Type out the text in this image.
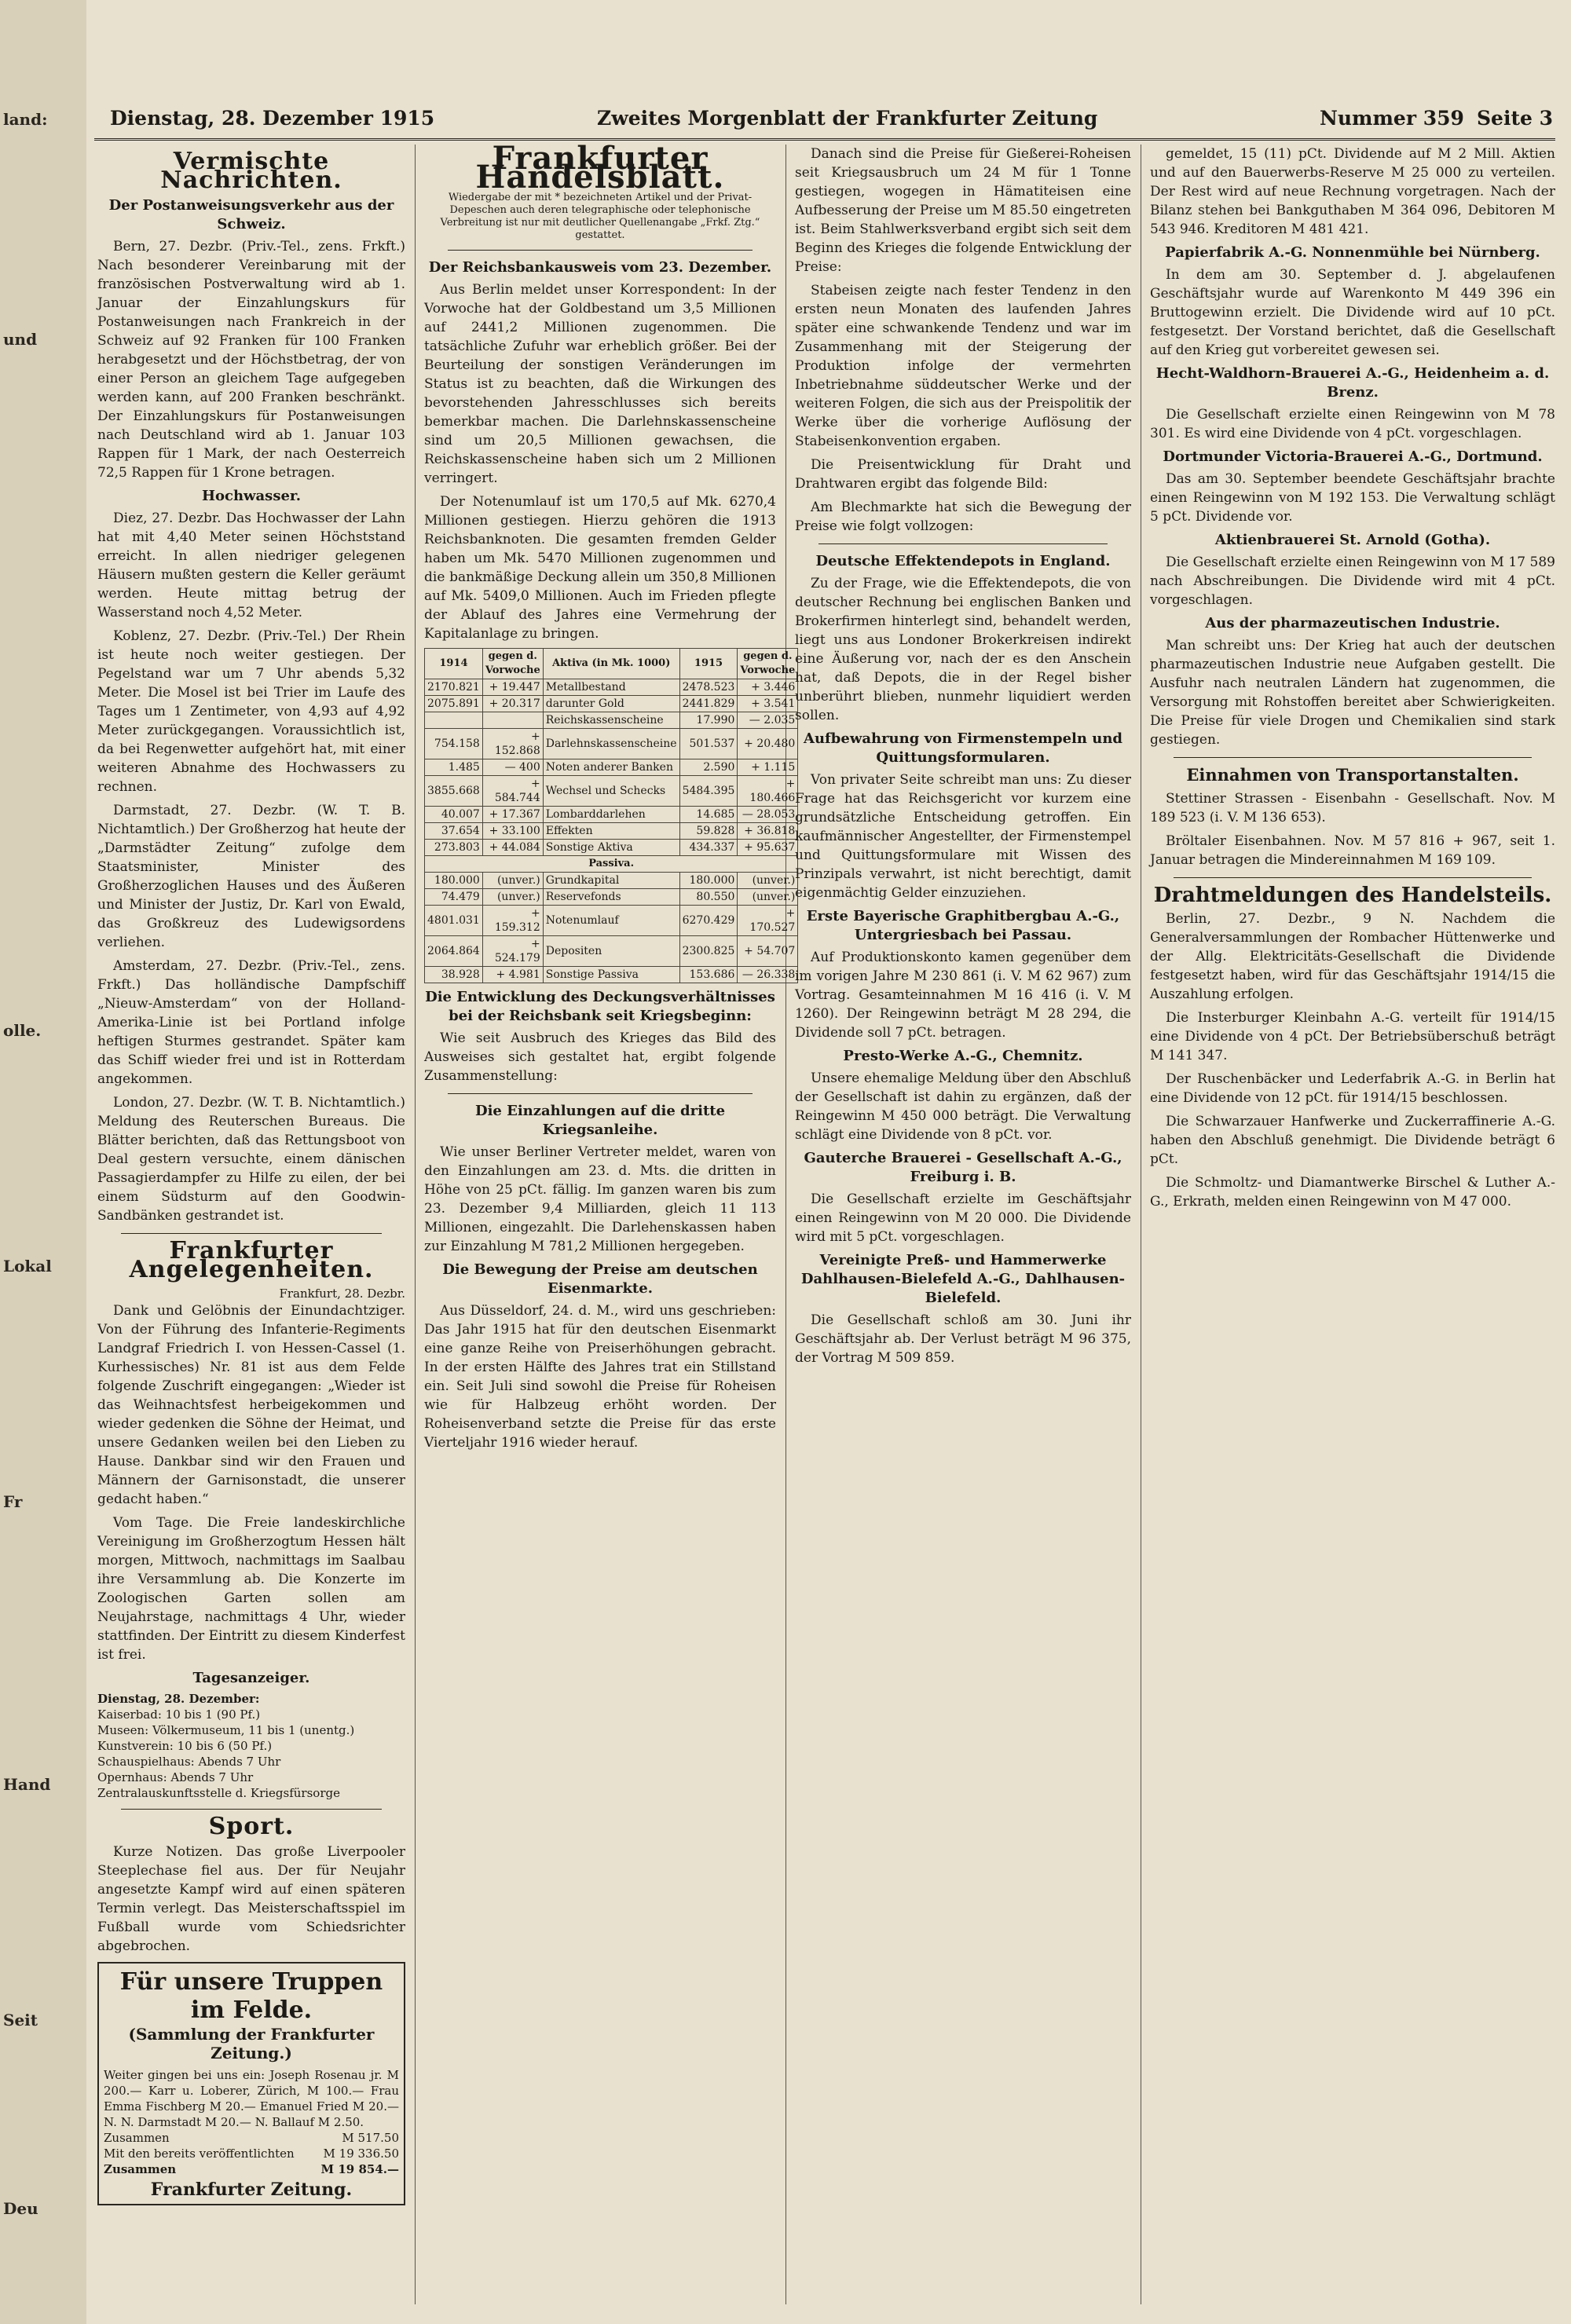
land:
und
olle.
Lokal
Fr
Hand
Seit
Deu
Dienstag, 28. Dezember 1915	Zweites Morgenblatt der Frankfurter Zeitung	Nummer 359 Seite 3
Vermischte Nachrichten.
Der Postanweisungsverkehr aus der Schweiz.

Bern, 27. Dezbr. (Priv.-Tel., zens. Frkft.) Nach besonderer Vereinbarung mit der französischen Postverwaltung wird ab 1. Januar der Einzahlungskurs für Postanweisungen nach Frankreich in der Schweiz auf 92 Franken für 100 Franken herabgesetzt und der Höchstbetrag, der von einer Person an gleichem Tage aufgegeben werden kann, auf 200 Franken beschränkt. Der Einzahlungskurs für Postanweisungen nach Deutschland wird ab 1. Januar 103 Rappen für 1 Mark, der nach Oesterreich 72,5 Rappen für 1 Krone betragen.

Hochwasser.

Diez, 27. Dezbr. Das Hochwasser der Lahn hat mit 4,40 Meter seinen Höchststand erreicht. In allen niedriger gelegenen Häusern mußten gestern die Keller geräumt werden. Heute mittag betrug der Wasserstand noch 4,52 Meter.

Koblenz, 27. Dezbr. (Priv.-Tel.) Der Rhein ist heute noch weiter gestiegen. Der Pegelstand war um 7 Uhr abends 5,32 Meter. Die Mosel ist bei Trier im Laufe des Tages um 1 Zentimeter, von 4,93 auf 4,92 Meter zurückgegangen. Voraussichtlich ist, da bei Regenwetter aufgehört hat, mit einer weiteren Abnahme des Hochwassers zu rechnen.

Darmstadt, 27. Dezbr. (W. T. B. Nichtamtlich.) Der Großherzog hat heute der „Darmstädter Zeitung“ zufolge dem Staatsminister, Minister des Großherzoglichen Hauses und des Äußeren und Minister der Justiz, Dr. Karl von Ewald, das Großkreuz des Ludewigsordens verliehen.

Amsterdam, 27. Dezbr. (Priv.-Tel., zens. Frkft.) Das holländische Dampfschiff „Nieuw-Amsterdam“ von der Holland-Amerika-Linie ist bei Portland infolge heftigen Sturmes gestrandet. Später kam das Schiff wieder frei und ist in Rotterdam angekommen.

London, 27. Dezbr. (W. T. B. Nichtamtlich.) Meldung des Reuterschen Bureaus. Die Blätter berichten, daß das Rettungsboot von Deal gestern versuchte, einem dänischen Passagierdampfer zu Hilfe zu eilen, der bei einem Südsturm auf den Goodwin-Sandbänken gestrandet ist.

Frankfurter Angelegenheiten.
Frankfurt, 28. Dezbr.

Dank und Gelöbnis der Einundachtziger. Von der Führung des Infanterie-Regiments Landgraf Friedrich I. von Hessen-Cassel (1. Kurhessisches) Nr. 81 ist aus dem Felde folgende Zuschrift eingegangen: „Wieder ist das Weihnachtsfest herbeigekommen und wieder gedenken die Söhne der Heimat, und unsere Gedanken weilen bei den Lieben zu Hause. Dankbar sind wir den Frauen und Männern der Garnisonstadt, die unserer gedacht haben.“

Vom Tage. Die Freie landeskirchliche Vereinigung im Großherzogtum Hessen hält morgen, Mittwoch, nachmittags im Saalbau ihre Versammlung ab. Die Konzerte im Zoologischen Garten sollen am Neujahrstage, nachmittags 4 Uhr, wieder stattfinden. Der Eintritt zu diesem Kinderfest ist frei.

Tagesanzeiger.
Dienstag, 28. Dezember:
Kaiserbad: 10 bis 1 (90 Pf.)
Museen: Völkermuseum, 11 bis 1 (unentg.)
Kunstverein: 10 bis 6 (50 Pf.)
Schauspielhaus: Abends 7 Uhr
Opernhaus: Abends 7 Uhr
Zentralauskunftsstelle d. Kriegsfürsorge
Sport.

Kurze Notizen. Das große Liverpooler Steeplechase fiel aus. Der für Neujahr angesetzte Kampf wird auf einen späteren Termin verlegt. Das Meisterschaftsspiel im Fußball wurde vom Schiedsrichter abgebrochen.

Für unsere Truppen im Felde.
(Sammlung der Frankfurter Zeitung.)
Weiter gingen bei uns ein: Joseph Rosenau jr. M 200.— Karr u. Loberer, Zürich, M 100.— Frau Emma Fischberg M 20.— Emanuel Fried M 20.— N. N. Darmstadt M 20.— N. Ballauf M 2.50.
Zusammen	M 517.50
Mit den bereits veröffentlichten M 19 336.50
Zusammen	M 19 854.—
Frankfurter Zeitung.
Frankfurter Handelsblatt.
Wiedergabe der mit * bezeichneten Artikel und der Privat-Depeschen auch deren telegraphische oder telephonische Verbreitung ist nur mit deutlicher Quellenangabe „Frkf. Ztg.“ gestattet.
Der Reichsbankausweis vom 23. Dezember.

Aus Berlin meldet unser Korrespondent: In der Vorwoche hat der Goldbestand um 3,5 Millionen auf 2441,2 Millionen zugenommen. Die tatsächliche Zufuhr war erheblich größer. Bei der Beurteilung der sonstigen Veränderungen im Status ist zu beachten, daß die Wirkungen des bevorstehenden Jahresschlusses sich bereits bemerkbar machen. Die Darlehnskassenscheine sind um 20,5 Millionen gewachsen, die Reichskassenscheine haben sich um 2 Millionen verringert.

Der Notenumlauf ist um 170,5 auf Mk. 6270,4 Millionen gestiegen. Hierzu gehören die 1913 Reichsbanknoten. Die gesamten fremden Gelder haben um Mk. 5470 Millionen zugenommen und die bankmäßige Deckung allein um 350,8 Millionen auf Mk. 5409,0 Millionen. Auch im Frieden pflegte der Ablauf des Jahres eine Vermehrung der Kapitalanlage zu bringen.

1914	gegen d. Vorwoche	Aktiva (in Mk. 1000)	1915	gegen d. Vorwoche
2170.821	+ 19.447	Metallbestand	2478.523	+ 3.446
2075.891	+ 20.317	darunter Gold	2441.829	+ 3.541
		Reichskassenscheine	17.990	— 2.035
754.158	+ 152.868	Darlehnskassenscheine	501.537	+ 20.480
1.485	— 400	Noten anderer Banken	2.590	+ 1.115
3855.668	+ 584.744	Wechsel und Schecks	5484.395	+ 180.466
40.007	+ 17.367	Lombarddarlehen	14.685	— 28.053
37.654	+ 33.100	Effekten	59.828	+ 36.818
273.803	+ 44.084	Sonstige Aktiva	434.337	+ 95.637
Passiva.				
180.000	(unver.)	Grundkapital	180.000	(unver.)
74.479	(unver.)	Reservefonds	80.550	(unver.)
4801.031	+ 159.312	Notenumlauf	6270.429	+ 170.527
2064.864	+ 524.179	Depositen	2300.825	+ 54.707
38.928	+ 4.981	Sonstige Passiva	153.686	— 26.338
Die Entwicklung des Deckungsverhältnisses bei der Reichsbank seit Kriegsbeginn:

Wie seit Ausbruch des Krieges das Bild des Ausweises sich gestaltet hat, ergibt folgende Zusammenstellung:

Die Einzahlungen auf die dritte Kriegsanleihe.

Wie unser Berliner Vertreter meldet, waren von den Einzahlungen am 23. d. Mts. die dritten in Höhe von 25 pCt. fällig. Im ganzen waren bis zum 23. Dezember 9,4 Milliarden, gleich 11 113 Millionen, eingezahlt. Die Darlehenskassen haben zur Einzahlung M 781,2 Millionen hergegeben.

Die Bewegung der Preise am deutschen Eisenmarkte.

Aus Düsseldorf, 24. d. M., wird uns geschrieben: Das Jahr 1915 hat für den deutschen Eisenmarkt eine ganze Reihe von Preiserhöhungen gebracht. In der ersten Hälfte des Jahres trat ein Stillstand ein. Seit Juli sind sowohl die Preise für Roheisen wie für Halbzeug erhöht worden. Der Roheisenverband setzte die Preise für das erste Vierteljahr 1916 wieder herauf.

Danach sind die Preise für Gießerei-Roheisen seit Kriegsausbruch um 24 M für 1 Tonne gestiegen, wogegen in Hämatiteisen eine Aufbesserung der Preise um M 85.50 eingetreten ist. Beim Stahlwerksverband ergibt sich seit dem Beginn des Krieges die folgende Entwicklung der Preise:

Stabeisen zeigte nach fester Tendenz in den ersten neun Monaten des laufenden Jahres später eine schwankende Tendenz und war im Zusammenhang mit der Steigerung der Produktion infolge der vermehrten Inbetriebnahme süddeutscher Werke und der weiteren Folgen, die sich aus der Preispolitik der Werke über die vorherige Auflösung der Stabeisenkonvention ergaben.

Die Preisentwicklung für Draht und Drahtwaren ergibt das folgende Bild:

Am Blechmarkte hat sich die Bewegung der Preise wie folgt vollzogen:

Deutsche Effektendepots in England.

Zu der Frage, wie die Effektendepots, die von deutscher Rechnung bei englischen Banken und Brokerfirmen hinterlegt sind, behandelt werden, liegt uns aus Londoner Brokerkreisen indirekt eine Äußerung vor, nach der es den Anschein hat, daß Depots, die in der Regel bisher unberührt blieben, nunmehr liquidiert werden sollen.

Aufbewahrung von Firmenstempeln und Quittungsformularen.

Von privater Seite schreibt man uns: Zu dieser Frage hat das Reichsgericht vor kurzem eine grundsätzliche Entscheidung getroffen. Ein kaufmännischer Angestellter, der Firmenstempel und Quittungsformulare mit Wissen des Prinzipals verwahrt, ist nicht berechtigt, damit eigenmächtig Gelder einzuziehen.

Erste Bayerische Graphitbergbau A.-G., Untergriesbach bei Passau.

Auf Produktionskonto kamen gegenüber dem im vorigen Jahre M 230 861 (i. V. M 62 967) zum Vortrag. Gesamteinnahmen M 16 416 (i. V. M 1260). Der Reingewinn beträgt M 28 294, die Dividende soll 7 pCt. betragen.

Presto-Werke A.-G., Chemnitz.

Unsere ehemalige Meldung über den Abschluß der Gesellschaft ist dahin zu ergänzen, daß der Reingewinn M 450 000 beträgt. Die Verwaltung schlägt eine Dividende von 8 pCt. vor.

Gauterche Brauerei - Gesellschaft A.-G., Freiburg i. B.

Die Gesellschaft erzielte im Geschäftsjahr einen Reingewinn von M 20 000. Die Dividende wird mit 5 pCt. vorgeschlagen.

Vereinigte Preß- und Hammerwerke Dahlhausen-Bielefeld A.-G., Dahlhausen-Bielefeld.

Die Gesellschaft schloß am 30. Juni ihr Geschäftsjahr ab. Der Verlust beträgt M 96 375, der Vortrag M 509 859.

gemeldet, 15 (11) pCt. Dividende auf M 2 Mill. Aktien und auf den Bauerwerbs-Reserve M 25 000 zu verteilen. Der Rest wird auf neue Rechnung vorgetragen. Nach der Bilanz stehen bei Bankguthaben M 364 096, Debitoren M 543 946. Kreditoren M 481 421.

Papierfabrik A.-G. Nonnenmühle bei Nürnberg.

In dem am 30. September d. J. abgelaufenen Geschäftsjahr wurde auf Warenkonto M 449 396 ein Bruttogewinn erzielt. Die Dividende wird auf 10 pCt. festgesetzt. Der Vorstand berichtet, daß die Gesellschaft auf den Krieg gut vorbereitet gewesen sei.

Hecht-Waldhorn-Brauerei A.-G., Heidenheim a. d. Brenz.

Die Gesellschaft erzielte einen Reingewinn von M 78 301. Es wird eine Dividende von 4 pCt. vorgeschlagen.

Dortmunder Victoria-Brauerei A.-G., Dortmund.

Das am 30. September beendete Geschäftsjahr brachte einen Reingewinn von M 192 153. Die Verwaltung schlägt 5 pCt. Dividende vor.

Aktienbrauerei St. Arnold (Gotha).

Die Gesellschaft erzielte einen Reingewinn von M 17 589 nach Abschreibungen. Die Dividende wird mit 4 pCt. vorgeschlagen.

Aus der pharmazeutischen Industrie.

Man schreibt uns: Der Krieg hat auch der deutschen pharmazeutischen Industrie neue Aufgaben gestellt. Die Ausfuhr nach neutralen Ländern hat zugenommen, die Versorgung mit Rohstoffen bereitet aber Schwierigkeiten. Die Preise für viele Drogen und Chemikalien sind stark gestiegen.

Einnahmen von Transportanstalten.

Stettiner Strassen - Eisenbahn - Gesellschaft. Nov. M 189 523 (i. V. M 136 653).

Bröltaler Eisenbahnen. Nov. M 57 816 + 967, seit 1. Januar betragen die Mindereinnahmen M 169 109.

Drahtmeldungen des Handelsteils.

Berlin, 27. Dezbr., 9 N. Nachdem die Generalversammlungen der Rombacher Hüttenwerke und der Allg. Elektricitäts-Gesellschaft die Dividende festgesetzt haben, wird für das Geschäftsjahr 1914/15 die Auszahlung erfolgen.

Die Insterburger Kleinbahn A.-G. verteilt für 1914/15 eine Dividende von 4 pCt. Der Betriebsüberschuß beträgt M 141 347.

Der Ruschenbäcker und Lederfabrik A.-G. in Berlin hat eine Dividende von 12 pCt. für 1914/15 beschlossen.

Die Schwarzauer Hanfwerke und Zuckerraffinerie A.-G. haben den Abschluß genehmigt. Die Dividende beträgt 6 pCt.

Die Schmoltz- und Diamantwerke Birschel & Luther A.-G., Erkrath, melden einen Reingewinn von M 47 000.
